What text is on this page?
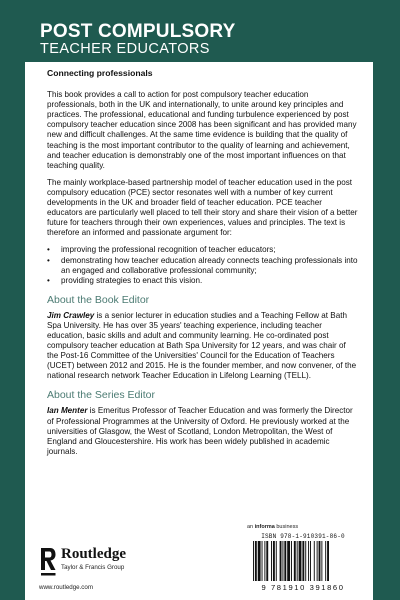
POST COMPULSORY
TEACHER EDUCATORS
Connecting professionals

This book provides a call to action for post compulsory teacher education professionals, both in the UK and internationally, to unite around key principles and practices. The professional, educational and funding turbulence experienced by post compulsory teacher education since 2008 has been significant and has provided many new and difficult challenges. At the same time evidence is building that the quality of teaching is the most important contributor to the quality of learning and achievement, and teacher education is demonstrably one of the most important influences on that teaching quality.

The mainly workplace-based partnership model of teacher education used in the post compulsory education (PCE) sector resonates well with a number of key current developments in the UK and broader field of teacher education. PCE teacher educators are particularly well placed to tell their story and share their vision of a better future for teachers through their own experiences, values and principles. The text is therefore an informed and passionate argument for:

• improving the professional recognition of teacher educators;
• demonstrating how teacher education already connects teaching professionals into an engaged and collaborative professional community;
• providing strategies to enact this vision.
About the Book Editor

Jim Crawley is a senior lecturer in education studies and a Teaching Fellow at Bath Spa University. He has over 35 years' teaching experience, including teacher education, basic skills and adult and community learning. He co-ordinated post compulsory teacher education at Bath Spa University for 12 years, and was chair of the Post-16 Committee of the Universities' Council for the Education of Teachers (UCET) between 2012 and 2015. He is the founder member, and now convener, of the national research network Teacher Education in Lifelong Learning (TELL).

About the Series Editor

Ian Menter is Emeritus Professor of Teacher Education and was formerly the Director of Professional Programmes at the University of Oxford. He previously worked at the universities of Glasgow, the West of Scotland, London Metropolitan, the West of England and Gloucestershire. His work has been widely published in academic journals.

Routledge
Taylor & Francis Group
www.routledge.com
an informa business
ISBN 978-1-910391-86-0
9 781910 391860
